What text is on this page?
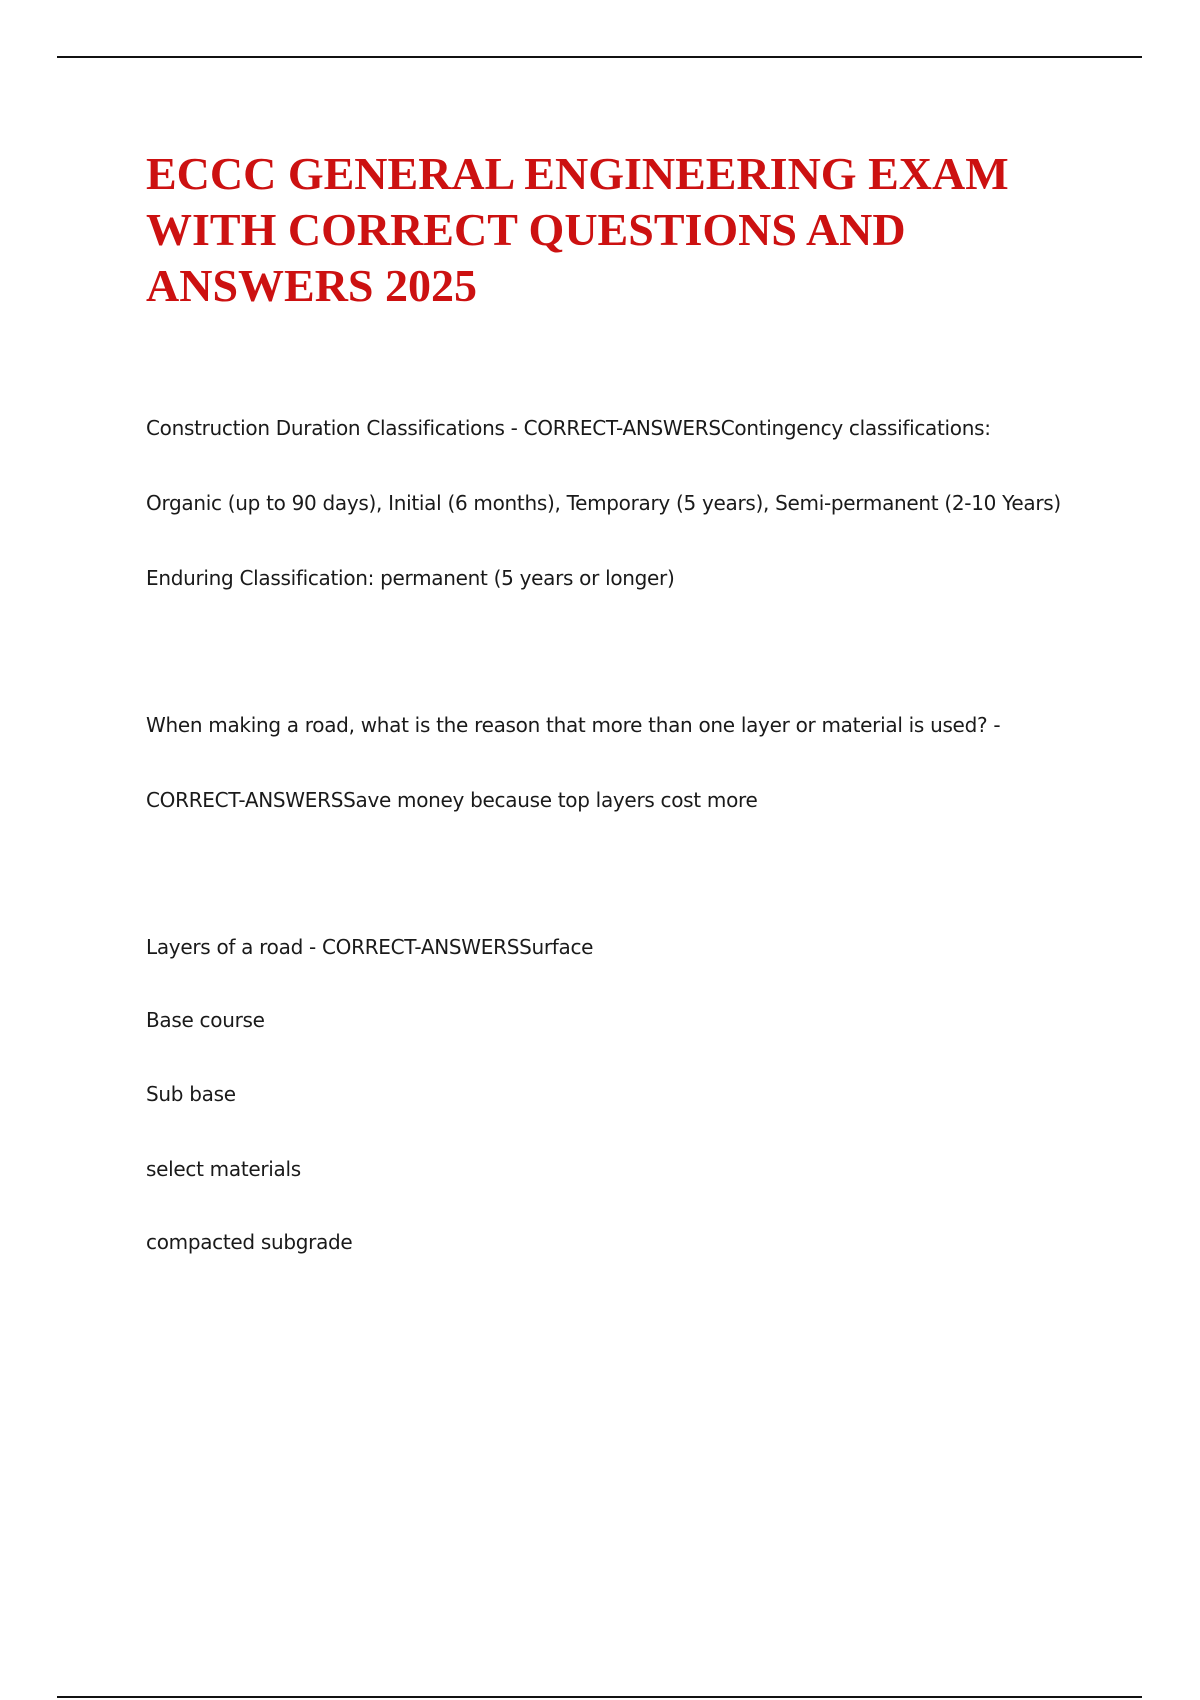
ECCC GENERAL ENGINEERING EXAM WITH CORRECT QUESTIONS AND ANSWERS 2025
Construction Duration Classifications - CORRECT-ANSWERSContingency classifications:
Organic (up to 90 days), Initial (6 months), Temporary (5 years), Semi-permanent (2-10 Years)
Enduring Classification: permanent (5 years or longer)
When making a road, what is the reason that more than one layer or material is used? -
CORRECT-ANSWERSSave money because top layers cost more
Layers of a road - CORRECT-ANSWERSSurface
Base course
Sub base
select materials
compacted subgrade
